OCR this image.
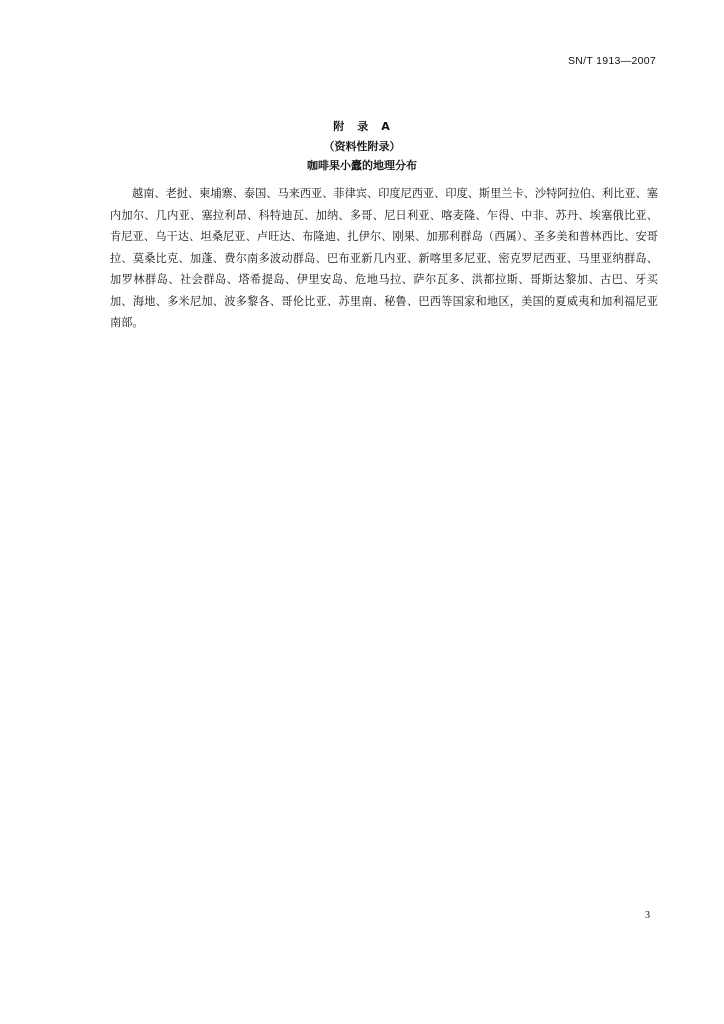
SN/T 1913—2007
附　录　A
（资料性附录）
咖啡果小蠹的地理分布

越南、老挝、柬埔寨、泰国、马来西亚、菲律宾、印度尼西亚、印度、斯里兰卡、沙特阿拉伯、利比亚、塞内加尔、几内亚、塞拉利昂、科特迪瓦、加纳、多哥、尼日利亚、喀麦隆、乍得、中非、苏丹、埃塞俄比亚、肯尼亚、乌干达、坦桑尼亚、卢旺达、布隆迪、扎伊尔、刚果、加那利群岛（西属）、圣多美和普林西比、安哥拉、莫桑比克、加蓬、费尔南多波动群岛、巴布亚新几内亚、新喀里多尼亚、密克罗尼西亚、马里亚纳群岛、加罗林群岛、社会群岛、塔希提岛、伊里安岛、危地马拉、萨尔瓦多、洪都拉斯、哥斯达黎加、古巴、牙买加、海地、多米尼加、波多黎各、哥伦比亚、苏里南、秘鲁、巴西等国家和地区，美国的夏威夷和加利福尼亚南部。

3
